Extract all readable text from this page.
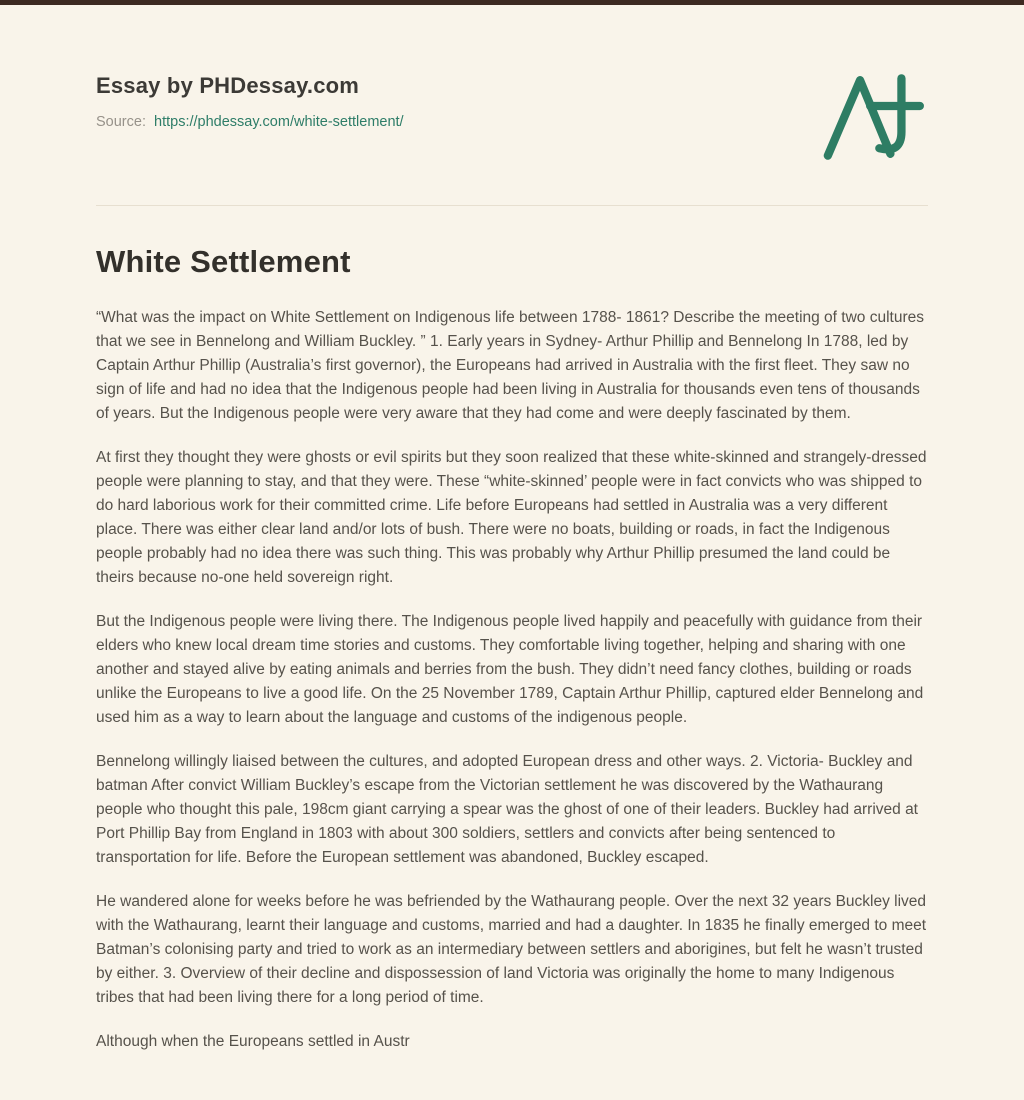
Essay by PHDessay.com
Source: https://phdessay.com/white-settlement/
White Settlement

“What was the impact on White Settlement on Indigenous life between 1788- 1861? Describe the meeting of two cultures that we see in Bennelong and William Buckley. ” 1. Early years in Sydney- Arthur Phillip and Bennelong In 1788, led by Captain Arthur Phillip (Australia’s first governor), the Europeans had arrived in Australia with the first fleet. They saw no sign of life and had no idea that the Indigenous people had been living in Australia for thousands even tens of thousands of years. But the Indigenous people were very aware that they had come and were deeply fascinated by them.

At first they thought they were ghosts or evil spirits but they soon realized that these white-skinned and strangely-dressed people were planning to stay, and that they were. These “white-skinned’ people were in fact convicts who was shipped to do hard laborious work for their committed crime. Life before Europeans had settled in Australia was a very different place. There was either clear land and/or lots of bush. There were no boats, building or roads, in fact the Indigenous people probably had no idea there was such thing. This was probably why Arthur Phillip presumed the land could be theirs because no-one held sovereign right.

But the Indigenous people were living there. The Indigenous people lived happily and peacefully with guidance from their elders who knew local dream time stories and customs. They comfortable living together, helping and sharing with one another and stayed alive by eating animals and berries from the bush. They didn’t need fancy clothes, building or roads unlike the Europeans to live a good life. On the 25 November 1789, Captain Arthur Phillip, captured elder Bennelong and used him as a way to learn about the language and customs of the indigenous people.

Bennelong willingly liaised between the cultures, and adopted European dress and other ways. 2. Victoria- Buckley and batman After convict William Buckley’s escape from the Victorian settlement he was discovered by the Wathaurang people who thought this pale, 198cm giant carrying a spear was the ghost of one of their leaders. Buckley had arrived at Port Phillip Bay from England in 1803 with about 300 soldiers, settlers and convicts after being sentenced to transportation for life. Before the European settlement was abandoned, Buckley escaped.

He wandered alone for weeks before he was befriended by the Wathaurang people. Over the next 32 years Buckley lived with the Wathaurang, learnt their language and customs, married and had a daughter. In 1835 he finally emerged to meet Batman’s colonising party and tried to work as an intermediary between settlers and aborigines, but felt he wasn’t trusted by either. 3. Overview of their decline and dispossession of land Victoria was originally the home to many Indigenous tribes that had been living there for a long period of time.

Although when the Europeans settled in Austr
